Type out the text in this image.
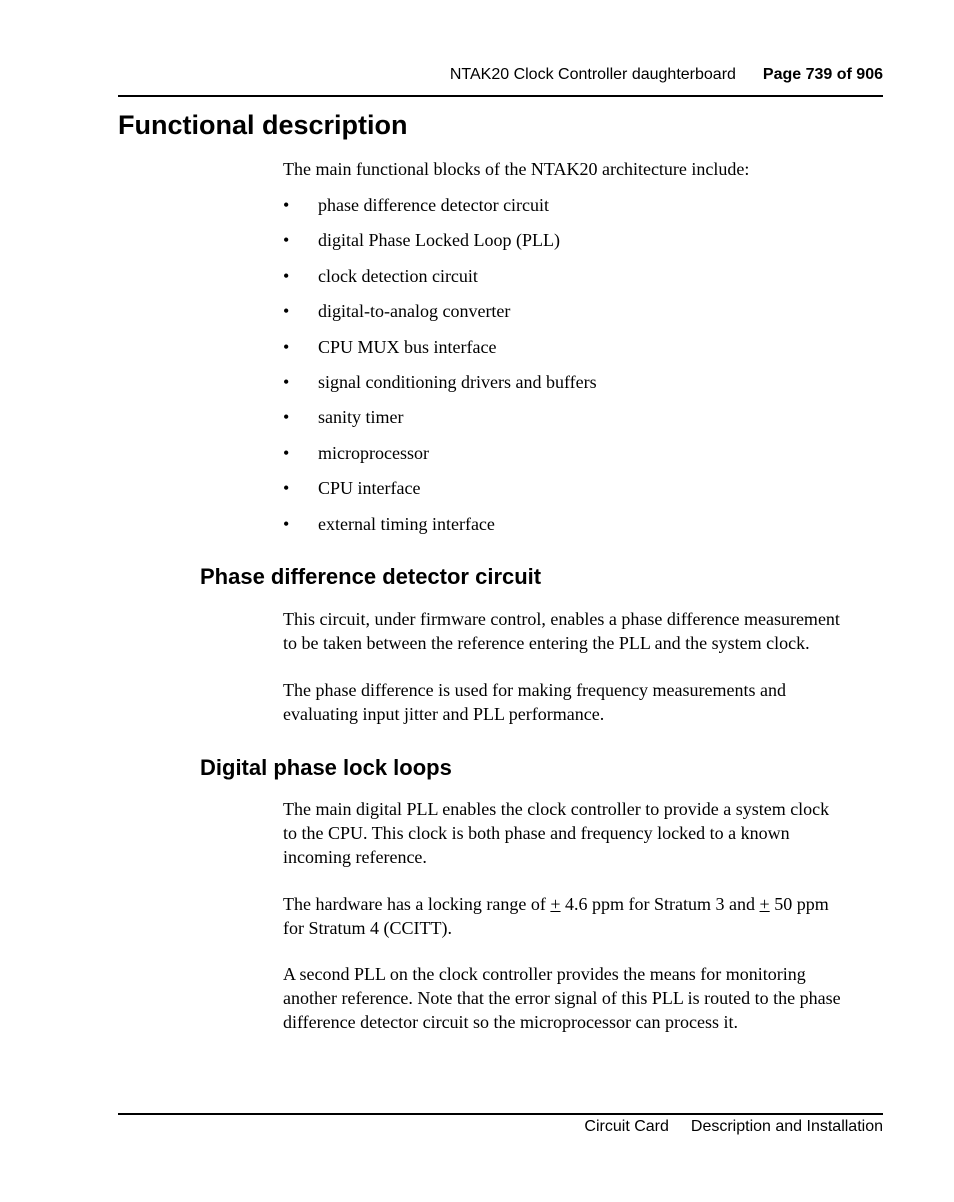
NTAK20 Clock Controller daughterboard Page 739 of 906
Functional description

The main functional blocks of the NTAK20 architecture include:

• phase difference detector circuit
• digital Phase Locked Loop (PLL)
• clock detection circuit
• digital-to-analog converter
• CPU MUX bus interface
• signal conditioning drivers and buffers
• sanity timer
• microprocessor
• CPU interface
• external timing interface
Phase difference detector circuit
This circuit, under firmware control, enables a phase difference measurement
to be taken between the reference entering the PLL and the system clock.
The phase difference is used for making frequency measurements and
evaluating input jitter and PLL performance.
Digital phase lock loops
The main digital PLL enables the clock controller to provide a system clock
to the CPU. This clock is both phase and frequency locked to a known
incoming reference.
The hardware has a locking range of + 4.6 ppm for Stratum 3 and + 50 ppm
for Stratum 4 (CCITT).
A second PLL on the clock controller provides the means for monitoring
another reference. Note that the error signal of this PLL is routed to the phase
difference detector circuit so the microprocessor can process it.
Circuit Card Description and Installation
